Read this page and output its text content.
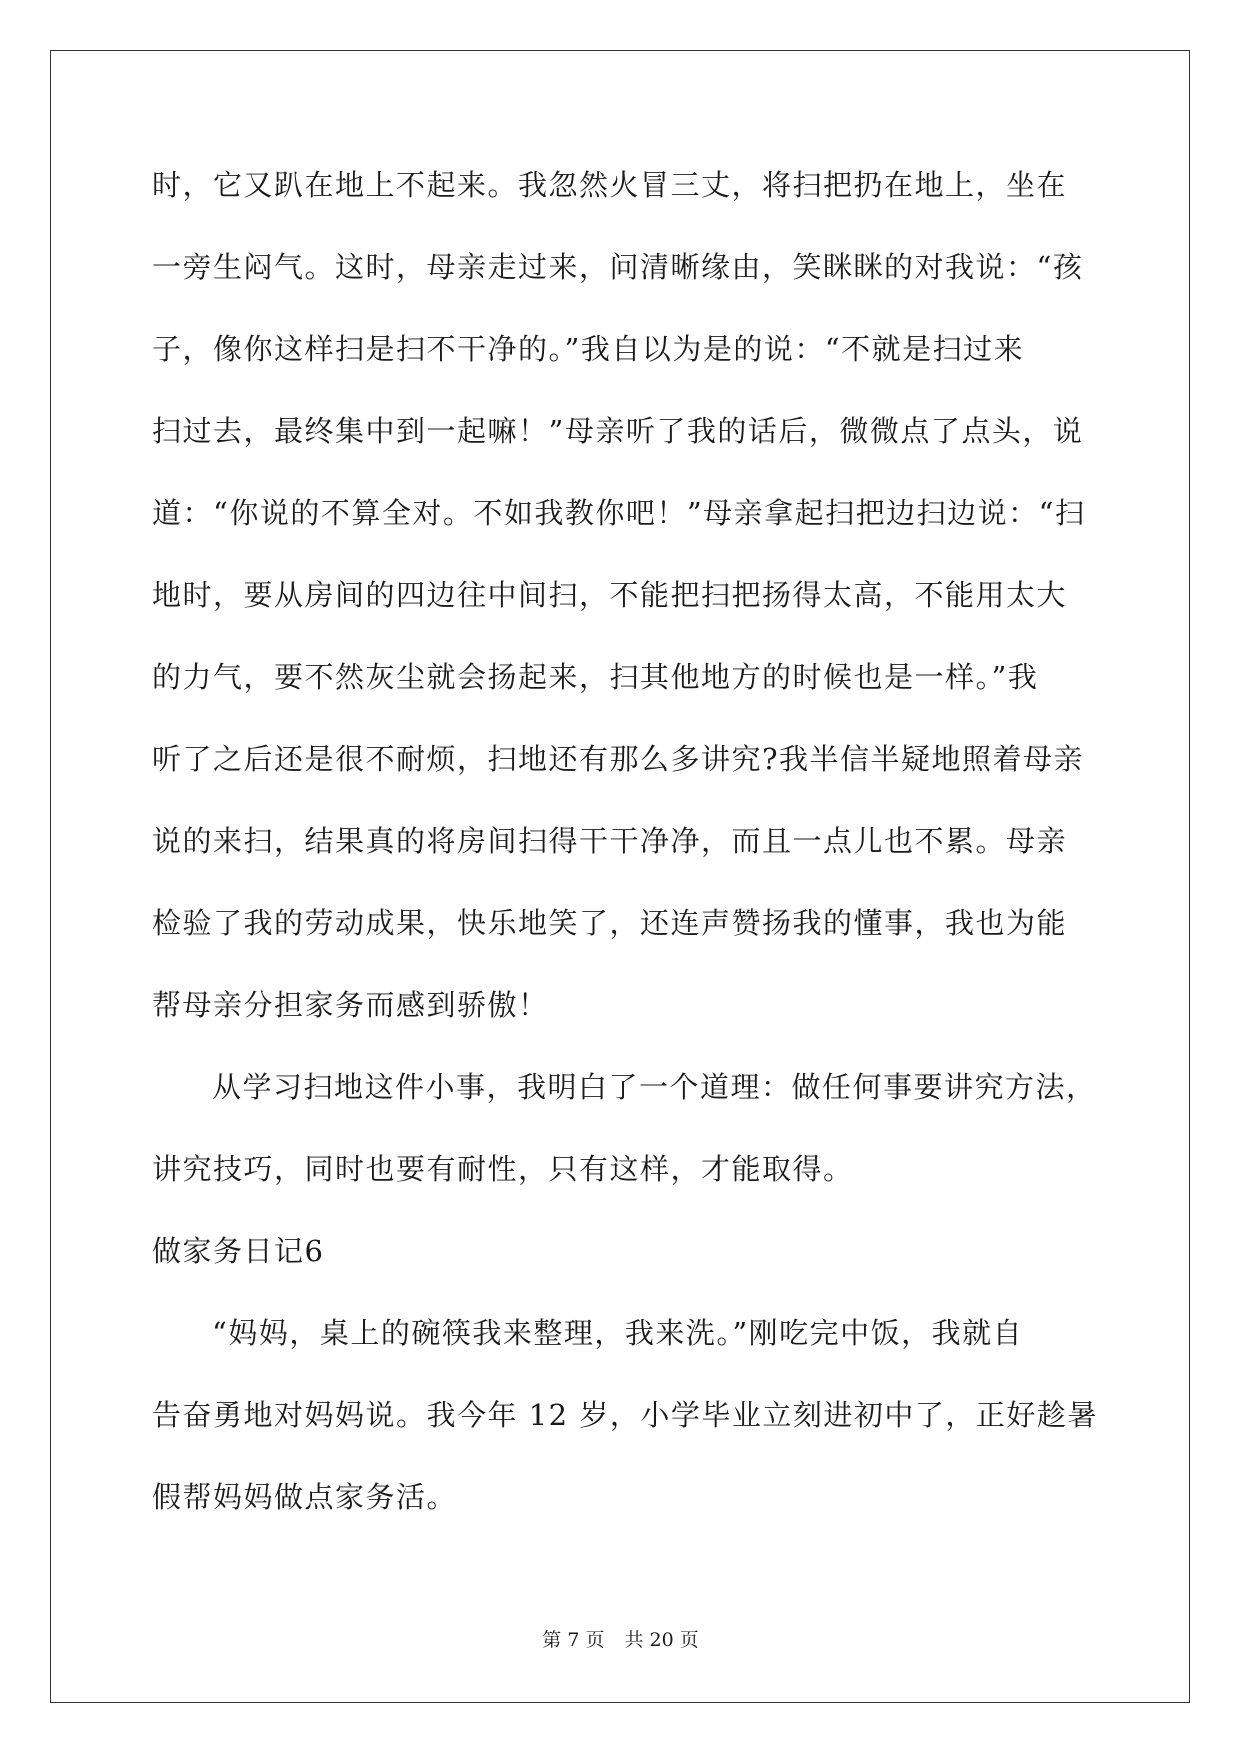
时，它又趴在地上不起来。我忽然火冒三丈，将扫把扔在地上，坐在
一旁生闷气。这时，母亲走过来，问清晰缘由，笑眯眯的对我说：“孩
子，像你这样扫是扫不干净的。”我自以为是的说：“不就是扫过来
扫过去，最终集中到一起嘛！”母亲听了我的话后，微微点了点头，说
道：“你说的不算全对。不如我教你吧！”母亲拿起扫把边扫边说：“扫
地时，要从房间的四边往中间扫，不能把扫把扬得太高，不能用太大
的力气，要不然灰尘就会扬起来，扫其他地方的时候也是一样。”我
听了之后还是很不耐烦，扫地还有那么多讲究?我半信半疑地照着母亲
说的来扫，结果真的将房间扫得干干净净，而且一点儿也不累。母亲
检验了我的劳动成果，快乐地笑了，还连声赞扬我的懂事，我也为能
帮母亲分担家务而感到骄傲！
从学习扫地这件小事，我明白了一个道理：做任何事要讲究方法，
讲究技巧，同时也要有耐性，只有这样，才能取得。
做家务日记6
“妈妈，桌上的碗筷我来整理，我来洗。”刚吃完中饭，我就自
告奋勇地对妈妈说。我今年 12 岁，小学毕业立刻进初中了，正好趁暑
假帮妈妈做点家务活。
第 7 页 共 20 页
